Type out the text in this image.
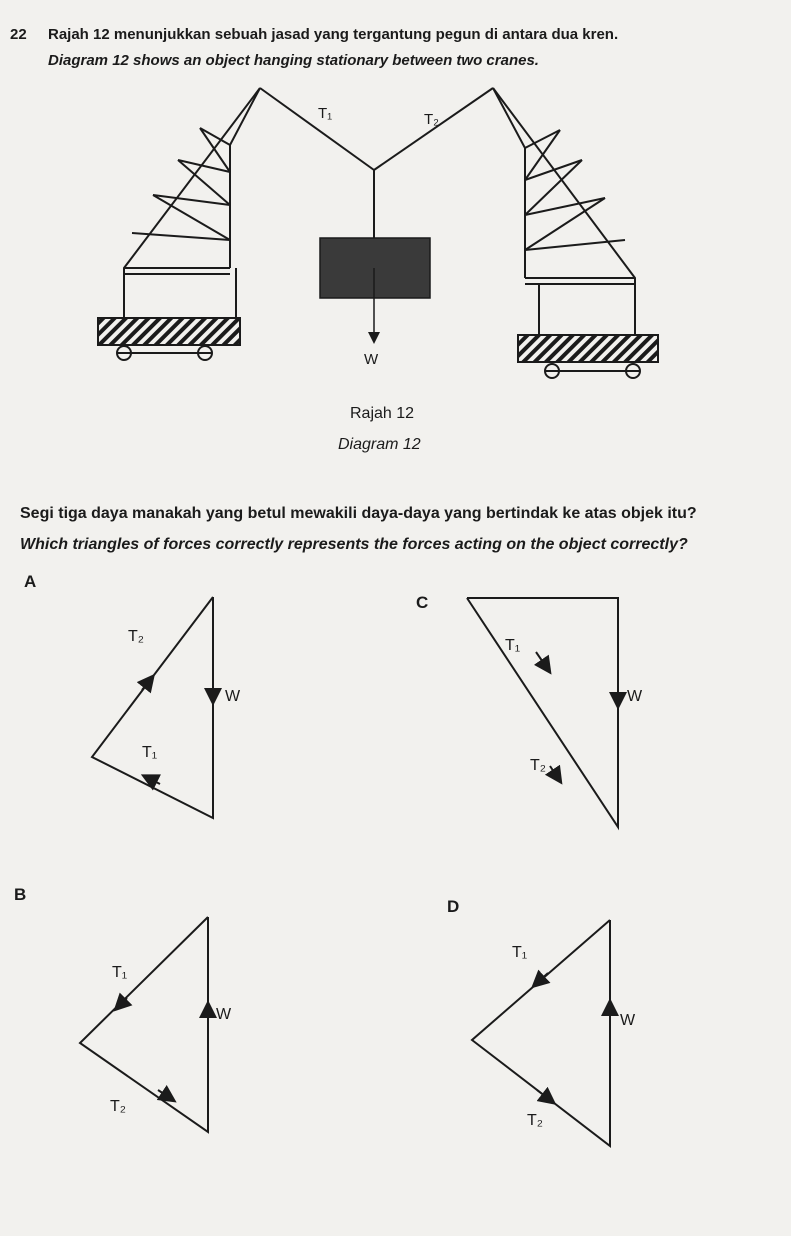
22 Rajah 12 menunjukkan sebuah jasad yang tergantung pegun di antara dua kren.
Diagram 12 shows an object hanging stationary between two cranes.
T₁	T₂
W
Rajah 12
Diagram 12
Segi tiga daya manakah yang betul mewakili daya-daya yang bertindak ke atas objek itu?
Which triangles of forces correctly represents the forces acting on the object correctly?
A
T₂
W
T₁
C
T₁
W
T₂
B
T₁
W
T₂
D
T₁
W
T₂
